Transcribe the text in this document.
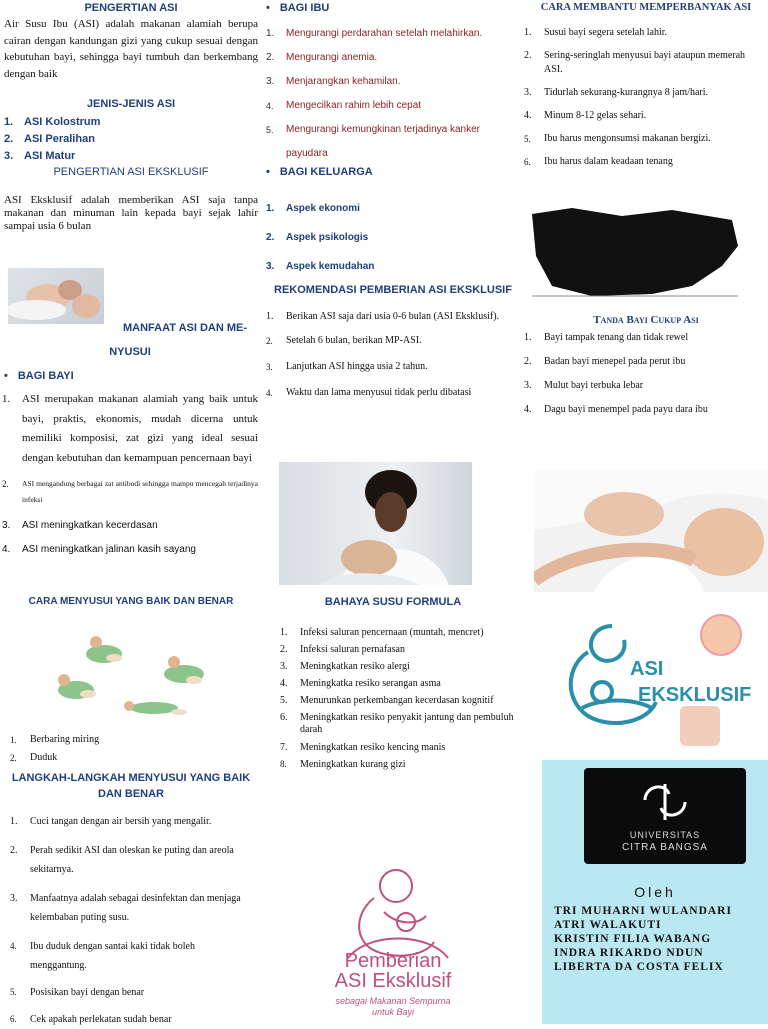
PENGERTIAN ASI
Air Susu Ibu (ASI) adalah makanan alamiah berupa cairan dengan kandungan gizi yang cukup sesuai dengan kebutuhan bayi, sehingga bayi tumbuh dan berkembang dengan baik
JENIS-JENIS ASI
1. ASI Kolostrum
2. ASI Peralihan
3. ASI Matur
PENGERTIAN ASI EKSKLUSIF
ASI Eksklusif adalah memberikan ASI saja tanpa makanan dan minuman lain kepada bayi sejak lahir sampai usia 6 bulan
MANFAAT ASI DAN ME-
NYUSUI
• BAGI BAYI
1. ASI merupakan makanan alamiah yang baik untuk bayi, praktis, ekonomis, mudah dicerna untuk memiliki komposisi, zat gizi yang ideal sesuai dengan kebutuhan dan kemampuan pencernaan bayi
2. ASI mengandung berbagai zat antibodi sehingga mampu mencegah terjadinya infeksi
3. ASI meningkatkan kecerdasan
4. ASI meningkatkan jalinan kasih sayang
CARA MENYUSUI YANG BAIK DAN BENAR
1. Berbaring miring
2. Duduk
LANGKAH-LANGKAH MENYUSUI YANG BAIK
DAN BENAR
1. Cuci tangan dengan air bersih yang mengalir.
2. Perah sedikit ASI dan oleskan ke puting dan areola sekitarnya.
3. Manfaatnya adalah sebagai desinfektan dan menjaga kelembaban puting susu.
4. Ibu duduk dengan santai kaki tidak boleh menggantung.
5. Posisikan bayi dengan benar
6. Cek apakah perlekatan sudah benar
• BAGI IBU
1. Mengurangi perdarahan setelah melahirkan.
2. Mengurangi anemia.
3. Menjarangkan kehamilan.
4. Mengecilkan rahim lebih cepat
5. Mengurangi kemungkinan terjadinya kanker payudara
• BAGI KELUARGA
1. Aspek ekonomi
2. Aspek psikologis
3. Aspek kemudahan
REKOMENDASI PEMBERIAN ASI EKSKLUSIF
1. Berikan ASI saja dari usia 0-6 bulan (ASI Eksklusif).
2. Setelah 6 bulan, berikan MP-ASI.
3. Lanjutkan ASI hingga usia 2 tahun.
4. Waktu dan lama menyusui tidak perlu dibatasi
BAHAYA SUSU FORMULA
1. Infeksi saluran pencernaan (muntah, mencret)
2. Infeksi saluran pernafasan
3. Meningkatkan resiko alergi
4. Meningkatka resiko serangan asma
5. Menurunkan perkembangan kecerdasan kognitif
6. Meningkatkan resiko penyakit jantung dan pembuluh darah
7. Meningkatkan resiko kencing manis
8. Meningkatkan kurang gizi
Pemberian
ASI Eksklusif
sebagai Makanan Sempurna
untuk Bayi
CARA MEMBANTU MEMPERBANYAK ASI
1. Susui bayi segera setelah lahir.
2. Sering-seringlah menyusui bayi ataupun memerah ASI.
3. Tidurlah sekurang-kurangnya 8 jam/hari.
4. Minum 8-12 gelas sehari.
5. Ibu harus mengonsumsi makanan bergizi.
6. Ibu harus dalam keadaan tenang
Tanda Bayi Cukup Asi
1. Bayi tampak tenang dan tidak rewel
2. Badan bayi menepel pada perut ibu
3. Mulut bayi terbuka lebar
4. Dagu bayi menempel pada payu dara ibu
ASI
EKSKLUSIF
UNIVERSITAS
CITRA BANGSA
Oleh
TRI MUHARNI WULANDARI
ATRI WALAKUTI
KRISTIN FILIA WABANG
INDRA RIKARDO NDUN
LIBERTA DA COSTA FELIX
